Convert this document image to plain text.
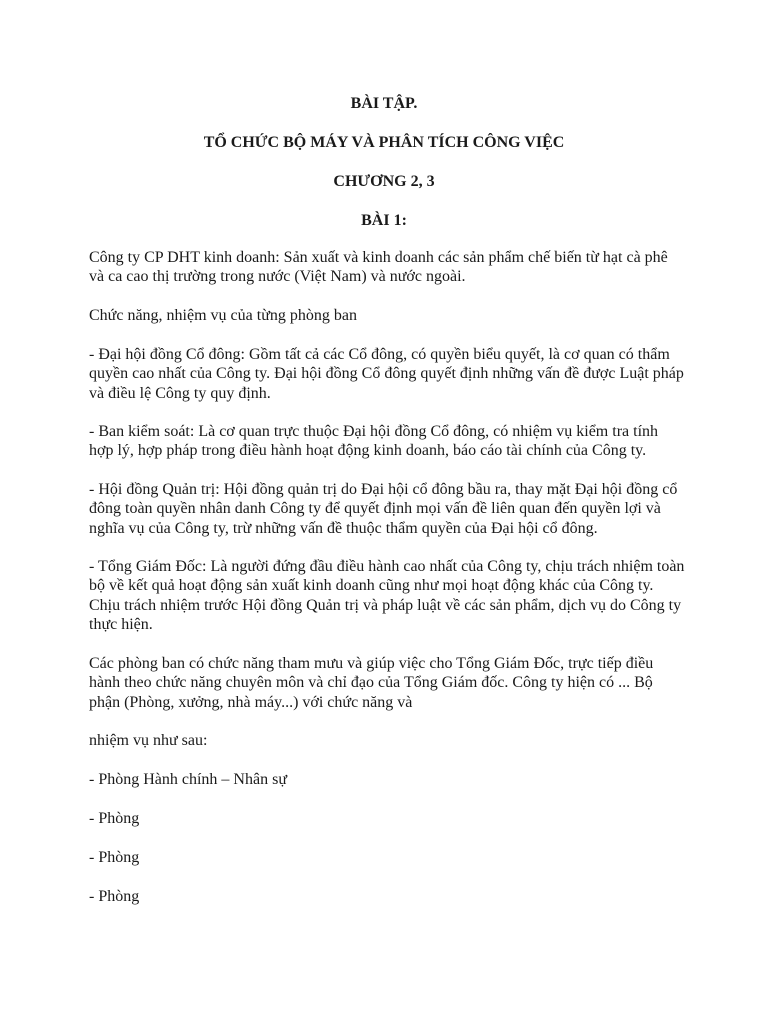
BÀI TẬP.

TỔ CHỨC BỘ MÁY VÀ PHÂN TÍCH CÔNG VIỆC

CHƯƠNG 2, 3

BÀI 1:

Công ty CP DHT kinh doanh: Sản xuất và kinh doanh các sản phẩm chế biến từ hạt cà phê và ca cao thị trường trong nước (Việt Nam) và nước ngoài.

Chức năng, nhiệm vụ của từng phòng ban

- Đại hội đồng Cổ đông: Gồm tất cả các Cổ đông, có quyền biểu quyết, là cơ quan có thẩm quyền cao nhất của Công ty. Đại hội đồng Cổ đông quyết định những vấn đề được Luật pháp và điều lệ Công ty quy định.

- Ban kiểm soát: Là cơ quan trực thuộc Đại hội đồng Cổ đông, có nhiệm vụ kiểm tra tính hợp lý, hợp pháp trong điều hành hoạt động kinh doanh, báo cáo tài chính của Công ty.

- Hội đồng Quản trị: Hội đồng quản trị do Đại hội cổ đông bầu ra, thay mặt Đại hội đồng cổ đông toàn quyền nhân danh Công ty để quyết định mọi vấn đề liên quan đến quyền lợi và nghĩa vụ của Công ty, trừ những vấn đề thuộc thẩm quyền của Đại hội cổ đông.

- Tổng Giám Đốc: Là người đứng đầu điều hành cao nhất của Công ty, chịu trách nhiệm toàn bộ về kết quả hoạt động sản xuất kinh doanh cũng như mọi hoạt động khác của Công ty. Chịu trách nhiệm trước Hội đồng Quản trị và pháp luật về các sản phẩm, dịch vụ do Công ty thực hiện.

Các phòng ban có chức năng tham mưu và giúp việc cho Tổng Giám Đốc, trực tiếp điều hành theo chức năng chuyên môn và chỉ đạo của Tổng Giám đốc. Công ty hiện có ... Bộ phận (Phòng, xưởng, nhà máy...) với chức năng và

nhiệm vụ như sau:

- Phòng Hành chính – Nhân sự

- Phòng

- Phòng

- Phòng
